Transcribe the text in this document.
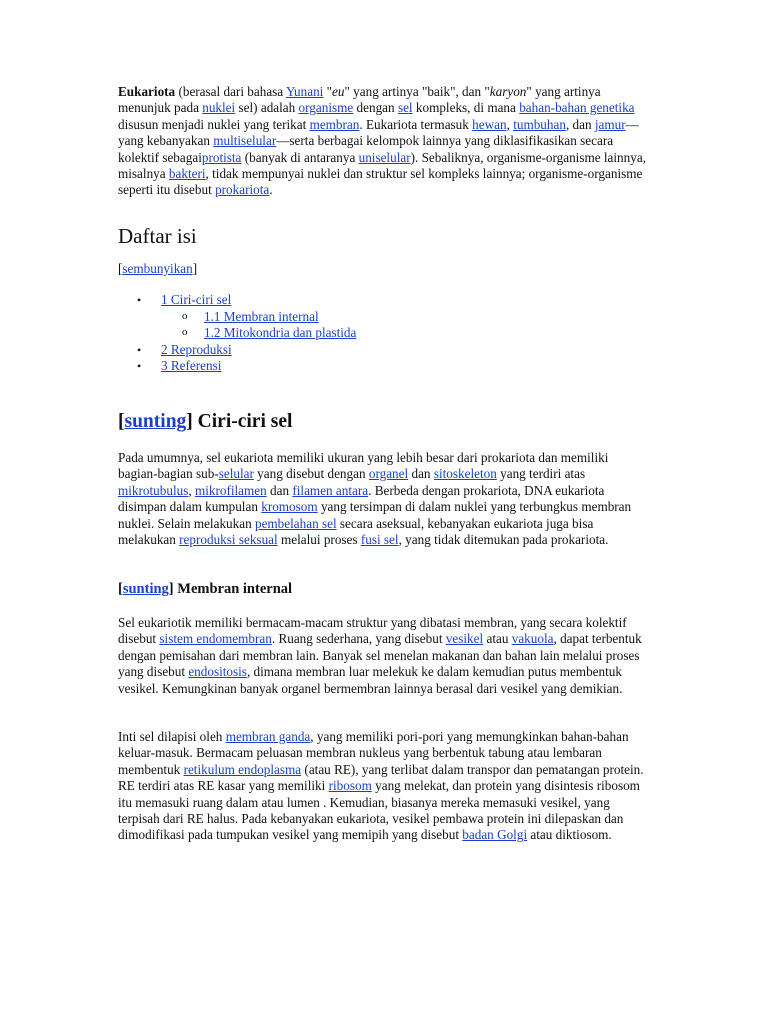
Eukariota (berasal dari bahasa Yunani "eu" yang artinya "baik", dan "karyon" yang artinya menunjuk pada nuklei sel) adalah organisme dengan sel kompleks, di mana bahan-bahan genetika disusun menjadi nuklei yang terikat membran. Eukariota termasuk hewan, tumbuhan, dan jamur—yang kebanyakan multiselular—serta berbagai kelompok lainnya yang diklasifikasikan secara kolektif sebagaiprotista (banyak di antaranya uniselular). Sebaliknya, organisme-organisme lainnya, misalnya bakteri, tidak mempunyai nuklei dan struktur sel kompleks lainnya; organisme-organisme seperti itu disebut prokariota.

Daftar isi
[sembunyikan]
• 1 Ciri-ciri sel
o 1.1 Membran internal
o 1.2 Mitokondria dan plastida
• 2 Reproduksi
• 3 Referensi
[sunting] Ciri-ciri sel

Pada umumnya, sel eukariota memiliki ukuran yang lebih besar dari prokariota dan memiliki bagian-bagian sub-selular yang disebut dengan organel dan sitoskeleton yang terdiri atas mikrotubulus, mikrofilamen dan filamen antara. Berbeda dengan prokariota, DNA eukariota disimpan dalam kumpulan kromosom yang tersimpan di dalam nuklei yang terbungkus membran nuklei. Selain melakukan pembelahan sel secara aseksual, kebanyakan eukariota juga bisa melakukan reproduksi seksual melalui proses fusi sel, yang tidak ditemukan pada prokariota.

[sunting] Membran internal

Sel eukariotik memiliki bermacam-macam struktur yang dibatasi membran, yang secara kolektif disebut sistem endomembran. Ruang sederhana, yang disebut vesikel atau vakuola, dapat terbentuk dengan pemisahan dari membran lain. Banyak sel menelan makanan dan bahan lain melalui proses yang disebut endositosis, dimana membran luar melekuk ke dalam kemudian putus membentuk vesikel. Kemungkinan banyak organel bermembran lainnya berasal dari vesikel yang demikian.

Inti sel dilapisi oleh membran ganda, yang memiliki pori-pori yang memungkinkan bahan-bahan keluar-masuk. Bermacam peluasan membran nukleus yang berbentuk tabung atau lembaran membentuk retikulum endoplasma (atau RE), yang terlibat dalam transpor dan pematangan protein. RE terdiri atas RE kasar yang memiliki ribosom yang melekat, dan protein yang disintesis ribosom itu memasuki ruang dalam atau lumen . Kemudian, biasanya mereka memasuki vesikel, yang terpisah dari RE halus. Pada kebanyakan eukariota, vesikel pembawa protein ini dilepaskan dan dimodifikasi pada tumpukan vesikel yang memipih yang disebut badan Golgi atau diktiosom.
